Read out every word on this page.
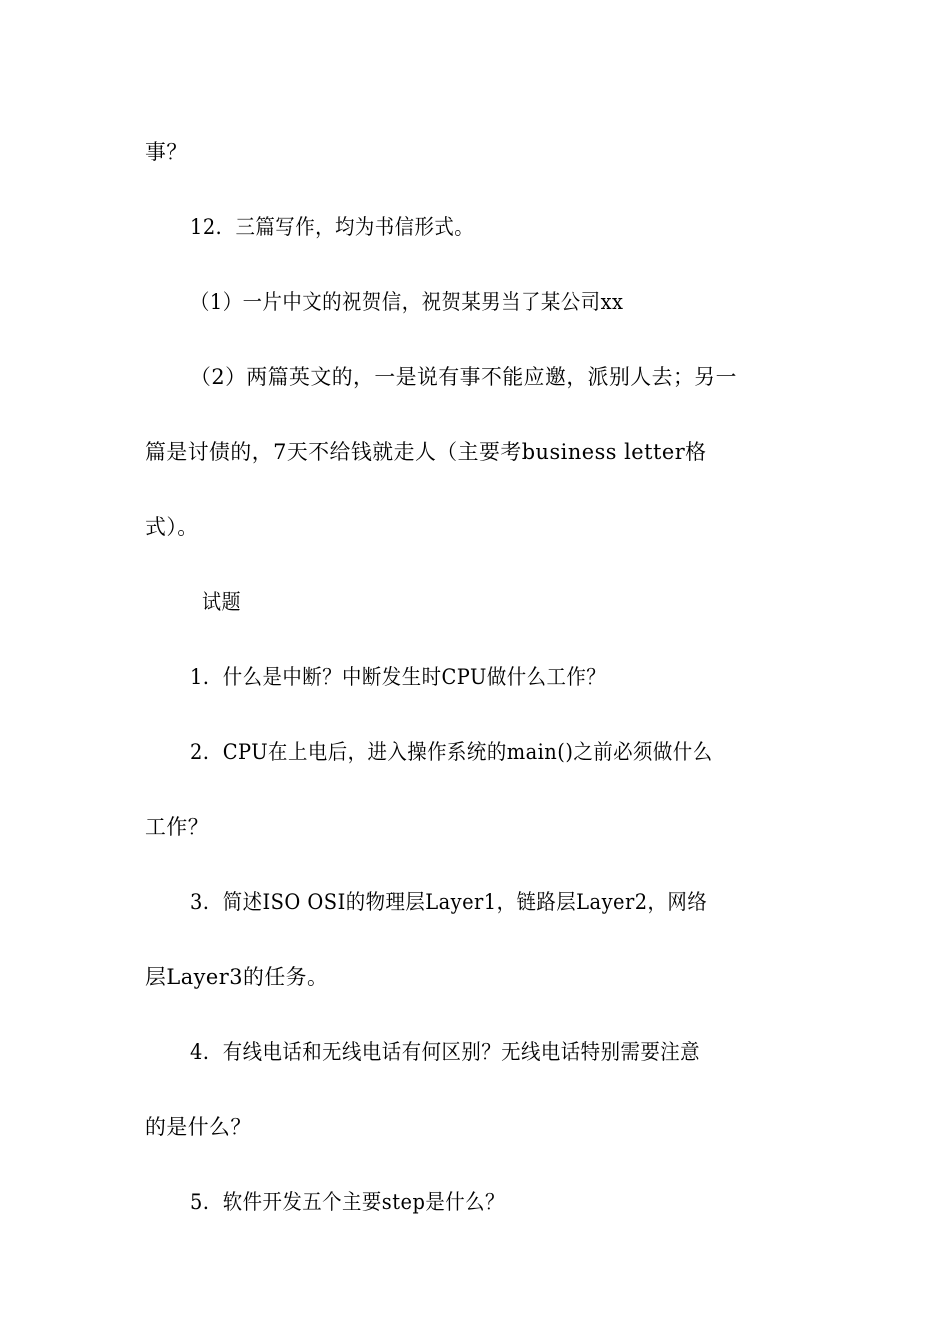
事？
12．三篇写作，均为书信形式。
（1）一片中文的祝贺信，祝贺某男当了某公司xx
（2）两篇英文的，一是说有事不能应邀，派别人去；另一
篇是讨债的，7天不给钱就走人（主要考business letter格
式）。
试题
1．什么是中断？中断发生时CPU做什么工作？
2．CPU在上电后，进入操作系统的main()之前必须做什么
工作？
3．简述ISO OSI的物理层Layer1，链路层Layer2，网络
层Layer3的任务。
4．有线电话和无线电话有何区别？无线电话特别需要注意
的是什么？
5．软件开发五个主要step是什么？
